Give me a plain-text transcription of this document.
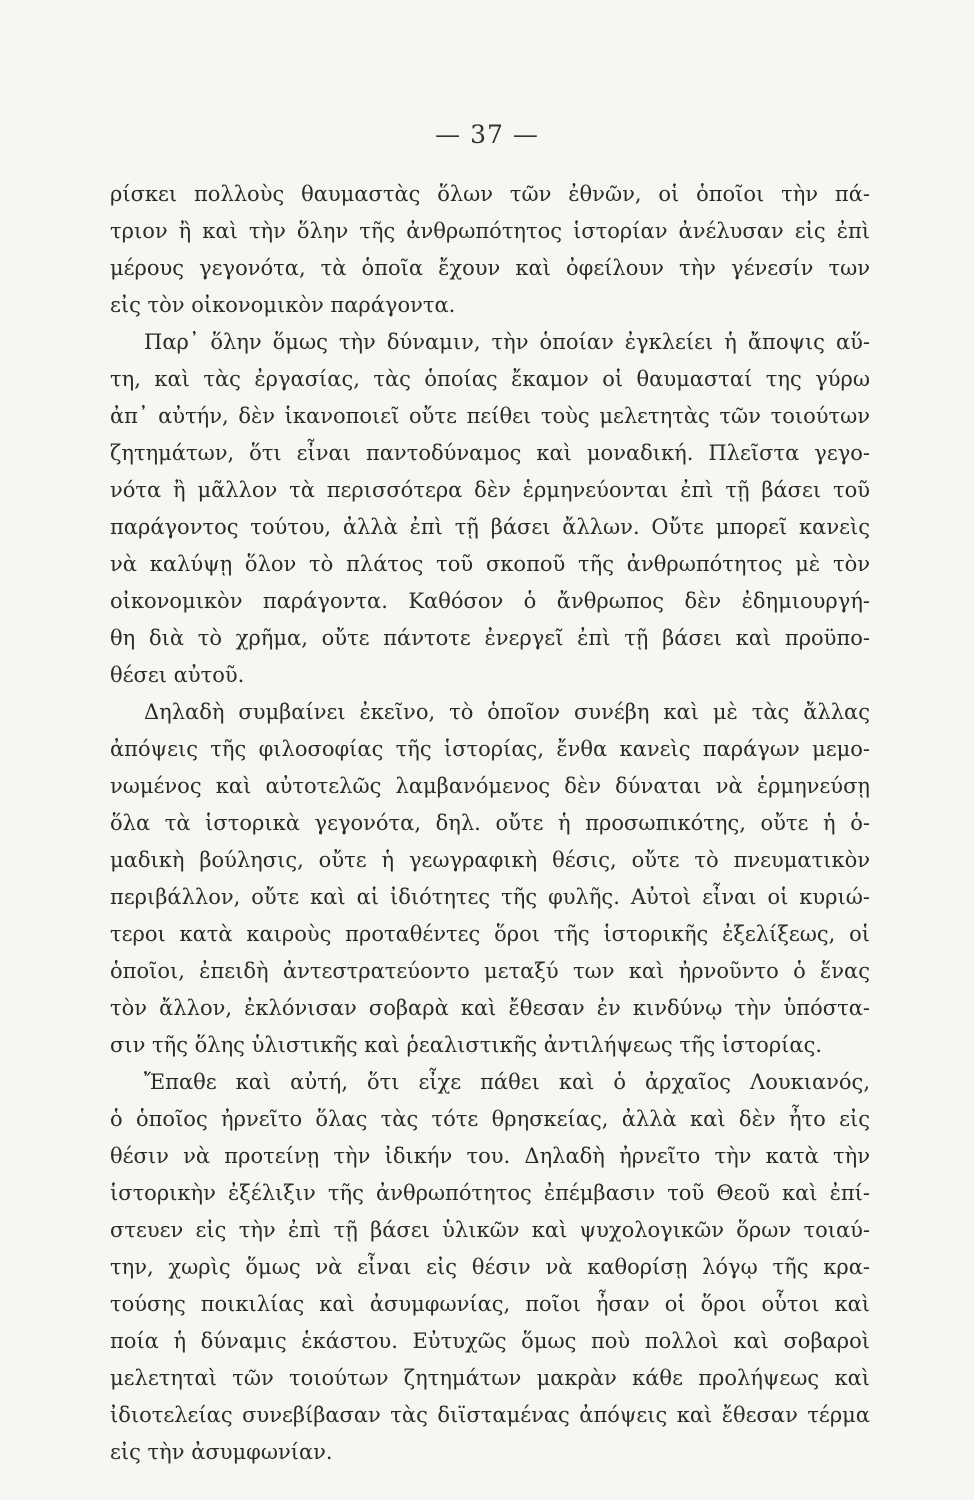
— 37 —
ρίσκει πολλοὺς θαυμαστὰς ὅλων τῶν ἐθνῶν, οἱ ὁποῖοι τὴν πά-
τριον ἢ καὶ τὴν ὅλην τῆς ἀνθρωπότητος ἱστορίαν ἀνέλυσαν εἰς ἐπὶ
μέρους γεγονότα, τὰ ὁποῖα ἔχουν καὶ ὀφείλουν τὴν γένεσίν των
εἰς τὸν οἰκονομικὸν παράγοντα.
Παρ᾽ ὅλην ὅμως τὴν δύναμιν, τὴν ὁποίαν ἐγκλείει ἡ ἄποψις αὕ-
τη, καὶ τὰς ἐργασίας, τὰς ὁποίας ἔκαμον οἱ θαυμασταί της γύρω
ἀπ᾽ αὐτήν, δὲν ἱκανοποιεῖ οὔτε πείθει τοὺς μελετητὰς τῶν τοιούτων
ζητημάτων, ὅτι εἶναι παντοδύναμος καὶ μοναδική. Πλεῖστα γεγο-
νότα ἢ μᾶλλον τὰ περισσότερα δὲν ἑρμηνεύονται ἐπὶ τῇ βάσει τοῦ
παράγοντος τούτου, ἀλλὰ ἐπὶ τῇ βάσει ἄλλων. Οὔτε μπορεῖ κανεὶς
νὰ καλύψῃ ὅλον τὸ πλάτος τοῦ σκοποῦ τῆς ἀνθρωπότητος μὲ τὸν
οἰκονομικὸν παράγοντα. Καθόσον ὁ ἄνθρωπος δὲν ἐδημιουργή-
θη διὰ τὸ χρῆμα, οὔτε πάντοτε ἐνεργεῖ ἐπὶ τῇ βάσει καὶ προϋπο-
θέσει αὐτοῦ.
Δηλαδὴ συμβαίνει ἐκεῖνο, τὸ ὁποῖον συνέβη καὶ μὲ τὰς ἄλλας
ἀπόψεις τῆς φιλοσοφίας τῆς ἱστορίας, ἔνθα κανεὶς παράγων μεμο-
νωμένος καὶ αὐτοτελῶς λαμβανόμενος δὲν δύναται νὰ ἑρμηνεύσῃ
ὅλα τὰ ἱστορικὰ γεγονότα, δηλ. οὔτε ἡ προσωπικότης, οὔτε ἡ ὁ-
μαδικὴ βούλησις, οὔτε ἡ γεωγραφικὴ θέσις, οὔτε τὸ πνευματικὸν
περιβάλλον, οὔτε καὶ αἱ ἰδιότητες τῆς φυλῆς. Αὐτοὶ εἶναι οἱ κυριώ-
τεροι κατὰ καιροὺς προταθέντες ὅροι τῆς ἱστορικῆς ἐξελίξεως, οἱ
ὁποῖοι, ἐπειδὴ ἀντεστρατεύοντο μεταξύ των καὶ ἠρνοῦντο ὁ ἕνας
τὸν ἄλλον, ἐκλόνισαν σοβαρὰ καὶ ἔθεσαν ἐν κινδύνῳ τὴν ὑπόστα-
σιν τῆς ὅλης ὑλιστικῆς καὶ ῥεαλιστικῆς ἀντιλήψεως τῆς ἱστορίας.
Ἔπαθε καὶ αὐτή, ὅτι εἶχε πάθει καὶ ὁ ἀρχαῖος Λουκιανός,
ὁ ὁποῖος ἠρνεῖτο ὅλας τὰς τότε θρησκείας, ἀλλὰ καὶ δὲν ἦτο εἰς
θέσιν νὰ προτείνῃ τὴν ἰδικήν του. Δηλαδὴ ἠρνεῖτο τὴν κατὰ τὴν
ἱστορικὴν ἐξέλιξιν τῆς ἀνθρωπότητος ἐπέμβασιν τοῦ Θεοῦ καὶ ἐπί-
στευεν εἰς τὴν ἐπὶ τῇ βάσει ὑλικῶν καὶ ψυχολογικῶν ὅρων τοιαύ-
την, χωρὶς ὅμως νὰ εἶναι εἰς θέσιν νὰ καθορίσῃ λόγῳ τῆς κρα-
τούσης ποικιλίας καὶ ἀσυμφωνίας, ποῖοι ἦσαν οἱ ὅροι οὗτοι καὶ
ποία ἡ δύναμις ἑκάστου. Εὐτυχῶς ὅμως ποὺ πολλοὶ καὶ σοβαροὶ
μελετηταὶ τῶν τοιούτων ζητημάτων μακρὰν κάθε προλήψεως καὶ
ἰδιοτελείας συνεβίβασαν τὰς διϊσταμένας ἀπόψεις καὶ ἔθεσαν τέρμα
εἰς τὴν ἀσυμφωνίαν.
